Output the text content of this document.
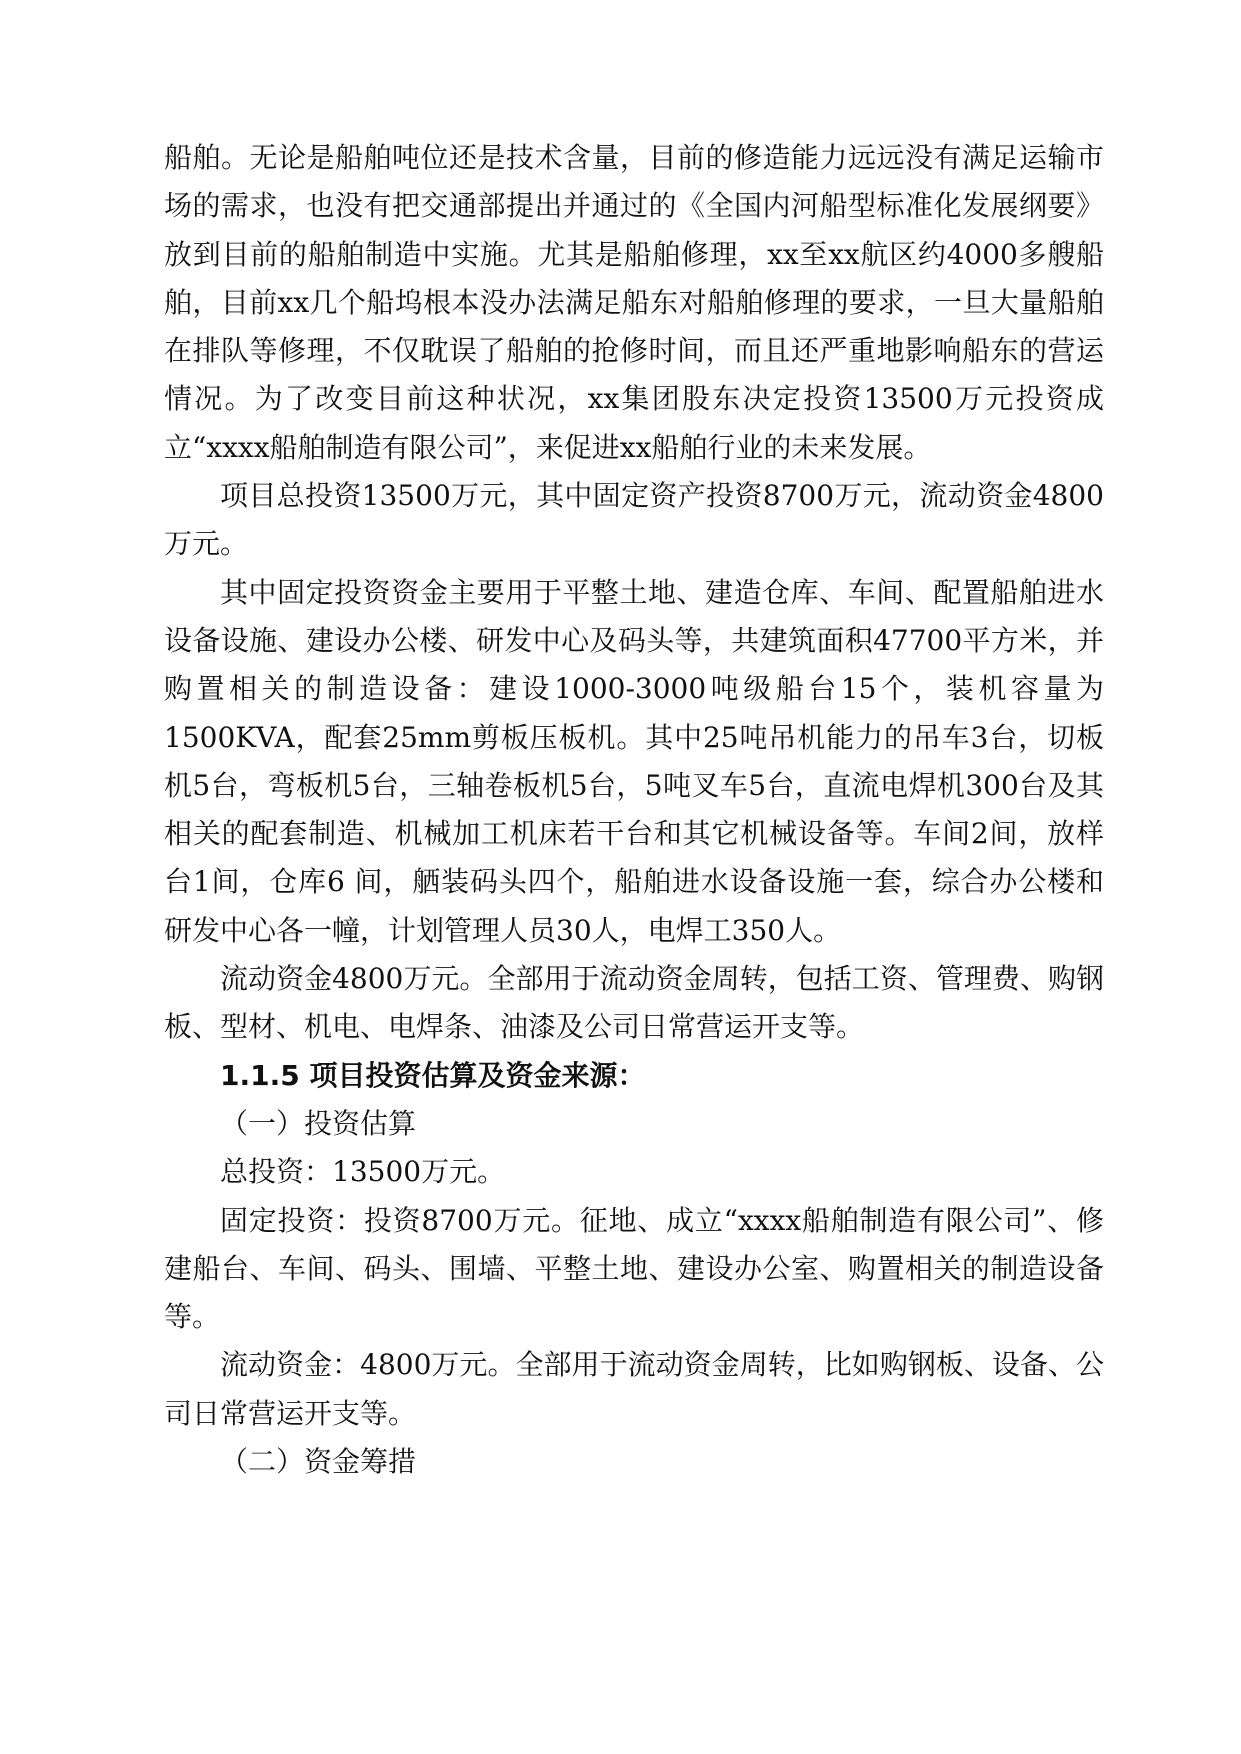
船舶。无论是船舶吨位还是技术含量，目前的修造能力远远没有满足运输市场的需求，也没有把交通部提出并通过的《全国内河船型标准化发展纲要》放到目前的船舶制造中实施。尤其是船舶修理，xx至xx航区约4000多艘船舶，目前xx几个船坞根本没办法满足船东对船舶修理的要求，一旦大量船舶在排队等修理，不仅耽误了船舶的抢修时间，而且还严重地影响船东的营运情况。为了改变目前这种状况，xx集团股东决定投资13500万元投资成立“xxxx船舶制造有限公司”，来促进xx船舶行业的未来发展。

项目总投资13500万元，其中固定资产投资8700万元，流动资金4800万元。

其中固定投资资金主要用于平整土地、建造仓库、车间、配置船舶进水设备设施、建设办公楼、研发中心及码头等，共建筑面积47700平方米，并购置相关的制造设备：建设1000-3000吨级船台15个，装机容量为1500KVA，配套25mm剪板压板机。其中25吨吊机能力的吊车3台，切板机5台，弯板机5台，三轴卷板机5台，5吨叉车5台，直流电焊机300台及其相关的配套制造、机械加工机床若干台和其它机械设备等。车间2间，放样台1间，仓库6 间，舾装码头四个，船舶进水设备设施一套，综合办公楼和研发中心各一幢，计划管理人员30人，电焊工350人。

流动资金4800万元。全部用于流动资金周转，包括工资、管理费、购钢板、型材、机电、电焊条、油漆及公司日常营运开支等。

1.1.5 项目投资估算及资金来源：

（一）投资估算

总投资：13500万元。

固定投资：投资8700万元。征地、成立“xxxx船舶制造有限公司”、修建船台、车间、码头、围墙、平整土地、建设办公室、购置相关的制造设备等。

流动资金：4800万元。全部用于流动资金周转，比如购钢板、设备、公司日常营运开支等。

（二）资金筹措
